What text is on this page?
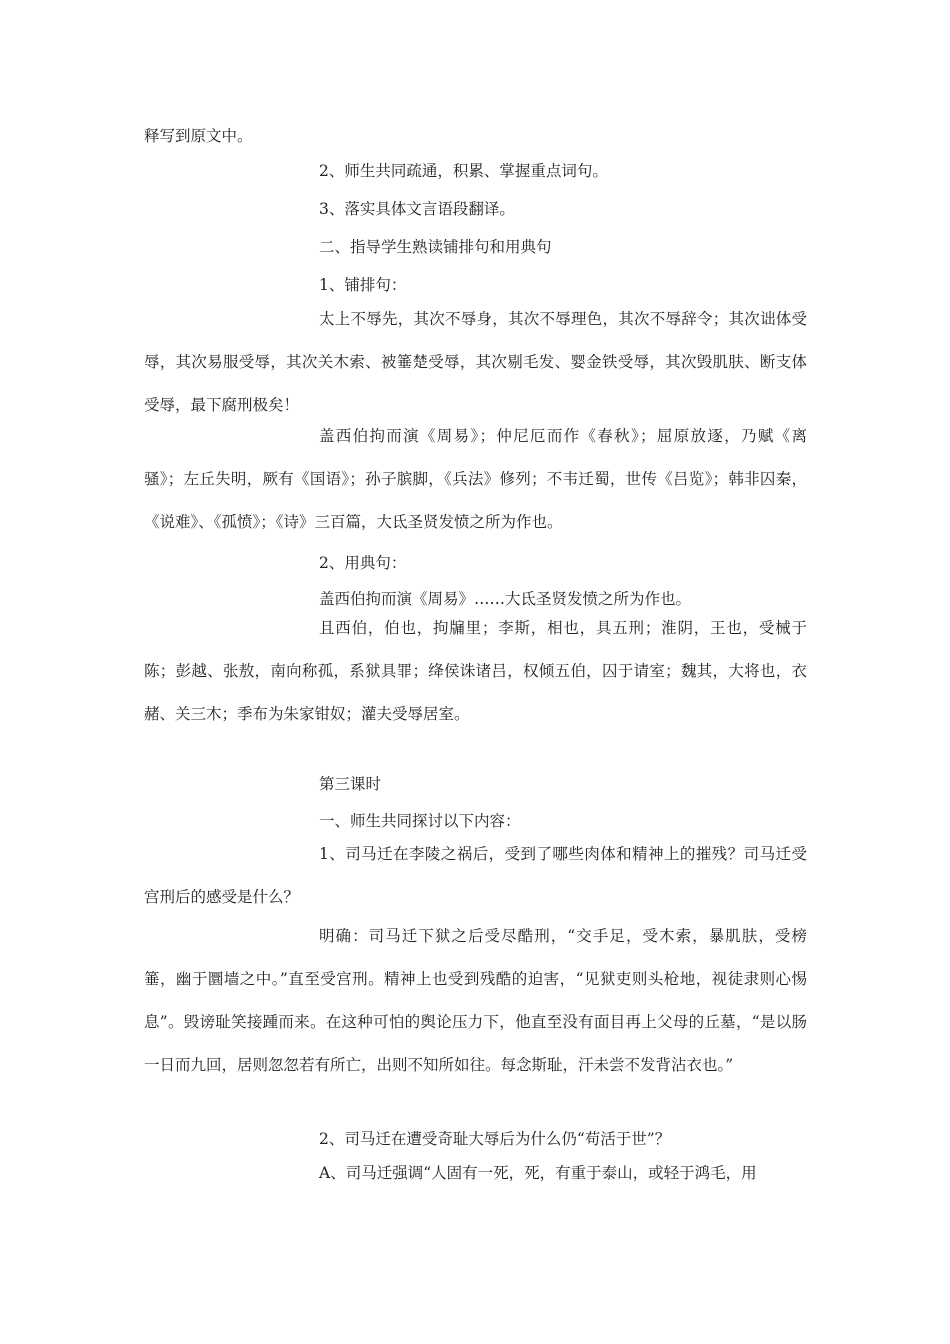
释写到原文中。

2、师生共同疏通，积累、掌握重点词句。

3、落实具体文言语段翻译。

二、指导学生熟读铺排句和用典句

1、铺排句：

太上不辱先，其次不辱身，其次不辱理色，其次不辱辞令；其次诎体受辱，其次易服受辱，其次关木索、被箠楚受辱，其次剔毛发、婴金铁受辱，其次毁肌肤、断支体受辱，最下腐刑极矣！

盖西伯拘而演《周易》；仲尼厄而作《春秋》；屈原放逐，乃赋《离骚》；左丘失明，厥有《国语》；孙子膑脚，《兵法》修列；不韦迁蜀，世传《吕览》；韩非囚秦，《说难》、《孤愤》；《诗》三百篇，大氐圣贤发愤之所为作也。

2、用典句：

盖西伯拘而演《周易》……大氐圣贤发愤之所为作也。

且西伯，伯也，拘牖里；李斯，相也，具五刑；淮阴，王也，受械于陈；彭越、张敖，南向称孤，系狱具罪；绛侯诛诸吕，权倾五伯，囚于请室；魏其，大将也，衣赭、关三木；季布为朱家钳奴；灌夫受辱居室。

第三课时

一、师生共同探讨以下内容：

1、司马迁在李陵之祸后，受到了哪些肉体和精神上的摧残？司马迁受宫刑后的感受是什么？

明确：司马迁下狱之后受尽酷刑，“交手足，受木索，暴肌肤，受榜箠，幽于圜墙之中。”直至受宫刑。精神上也受到残酷的迫害，“见狱吏则头枪地，视徒隶则心惕息”。毁谤耻笑接踵而来。在这种可怕的舆论压力下，他直至没有面目再上父母的丘墓，“是以肠一日而九回，居则忽忽若有所亡，出则不知所如往。每念斯耻，汗未尝不发背沾衣也。”

2、司马迁在遭受奇耻大辱后为什么仍“苟活于世”？

A、司马迁强调“人固有一死，死，有重于泰山，或轻于鸿毛，用
